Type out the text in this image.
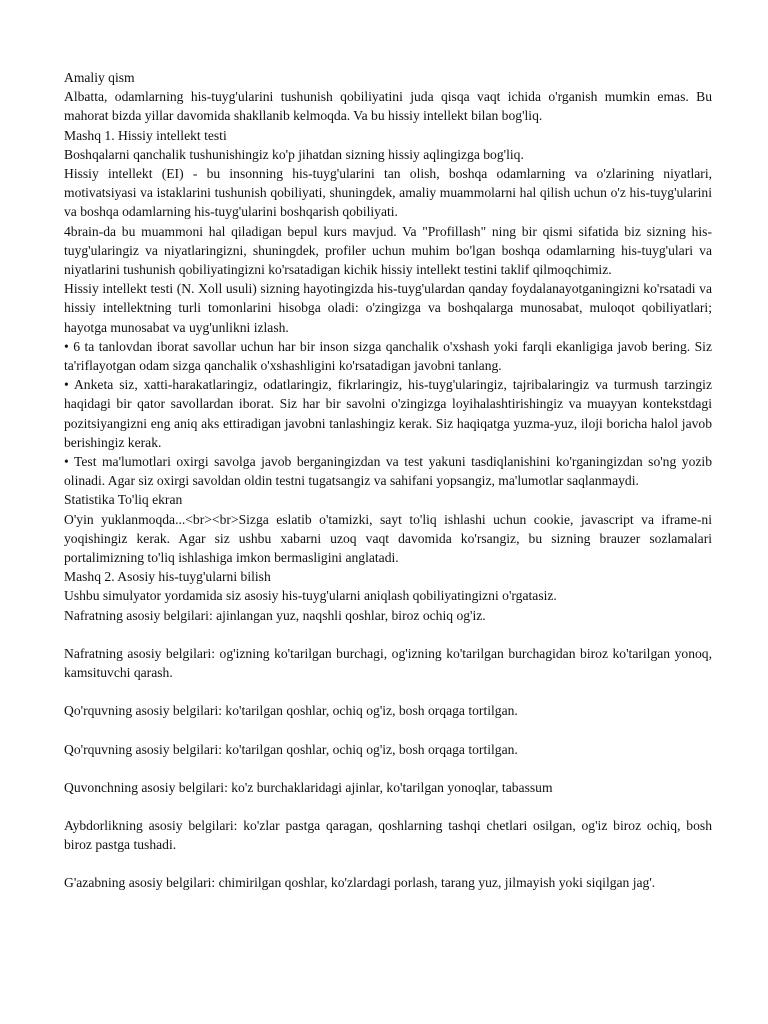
Amaliy qism

Albatta, odamlarning his-tuyg'ularini tushunish qobiliyatini juda qisqa vaqt ichida o'rganish mumkin emas. Bu mahorat bizda yillar davomida shakllanib kelmoqda. Va bu hissiy intellekt bilan bog'liq.

Mashq 1. Hissiy intellekt testi

Boshqalarni qanchalik tushunishingiz ko'p jihatdan sizning hissiy aqlingizga bog'liq.

Hissiy intellekt (EI) - bu insonning his-tuyg'ularini tan olish, boshqa odamlarning va o'zlarining niyatlari, motivatsiyasi va istaklarini tushunish qobiliyati, shuningdek, amaliy muammolarni hal qilish uchun o'z his-tuyg'ularini va boshqa odamlarning his-tuyg'ularini boshqarish qobiliyati.

4brain-da bu muammoni hal qiladigan bepul kurs mavjud. Va "Profillash" ning bir qismi sifatida biz sizning his-tuyg'ularingiz va niyatlaringizni, shuningdek, profiler uchun muhim bo'lgan boshqa odamlarning his-tuyg'ulari va niyatlarini tushunish qobiliyatingizni ko'rsatadigan kichik hissiy intellekt testini taklif qilmoqchimiz.

Hissiy intellekt testi (N. Xoll usuli) sizning hayotingizda his-tuyg'ulardan qanday foydalanayotganingizni ko'rsatadi va hissiy intellektning turli tomonlarini hisobga oladi: o'zingizga va boshqalarga munosabat, muloqot qobiliyatlari; hayotga munosabat va uyg'unlikni izlash.

• 6 ta tanlovdan iborat savollar uchun har bir inson sizga qanchalik o'xshash yoki farqli ekanligiga javob bering. Siz ta'riflayotgan odam sizga qanchalik o'xshashligini ko'rsatadigan javobni tanlang.

• Anketa siz, xatti-harakatlaringiz, odatlaringiz, fikrlaringiz, his-tuyg'ularingiz, tajribalaringiz va turmush tarzingiz haqidagi bir qator savollardan iborat. Siz har bir savolni o'zingizga loyihalashtirishingiz va muayyan kontekstdagi pozitsiyangizni eng aniq aks ettiradigan javobni tanlashingiz kerak. Siz haqiqatga yuzma-yuz, iloji boricha halol javob berishingiz kerak.

• Test ma'lumotlari oxirgi savolga javob berganingizdan va test yakuni tasdiqlanishini ko'rganingizdan so'ng yozib olinadi. Agar siz oxirgi savoldan oldin testni tugatsangiz va sahifani yopsangiz, ma'lumotlar saqlanmaydi.

Statistika To'liq ekran

O'yin yuklanmoqda...<br><br>Sizga eslatib o'tamizki, sayt to'liq ishlashi uchun cookie, javascript va iframe-ni yoqishingiz kerak. Agar siz ushbu xabarni uzoq vaqt davomida ko'rsangiz, bu sizning brauzer sozlamalari portalimizning to'liq ishlashiga imkon bermasligini anglatadi.

Mashq 2. Asosiy his-tuyg'ularni bilish

Ushbu simulyator yordamida siz asosiy his-tuyg'ularni aniqlash qobiliyatingizni o'rgatasiz.

Nafratning asosiy belgilari: ajinlangan yuz, naqshli qoshlar, biroz ochiq og'iz.

Nafratning asosiy belgilari: og'izning ko'tarilgan burchagi, og'izning ko'tarilgan burchagidan biroz ko'tarilgan yonoq, kamsituvchi qarash.

Qo'rquvning asosiy belgilari: ko'tarilgan qoshlar, ochiq og'iz, bosh orqaga tortilgan.

Qo'rquvning asosiy belgilari: ko'tarilgan qoshlar, ochiq og'iz, bosh orqaga tortilgan.

Quvonchning asosiy belgilari: ko'z burchaklaridagi ajinlar, ko'tarilgan yonoqlar, tabassum

Aybdorlikning asosiy belgilari: ko'zlar pastga qaragan, qoshlarning tashqi chetlari osilgan, og'iz biroz ochiq, bosh biroz pastga tushadi.

G'azabning asosiy belgilari: chimirilgan qoshlar, ko'zlardagi porlash, tarang yuz, jilmayish yoki siqilgan jag'.
